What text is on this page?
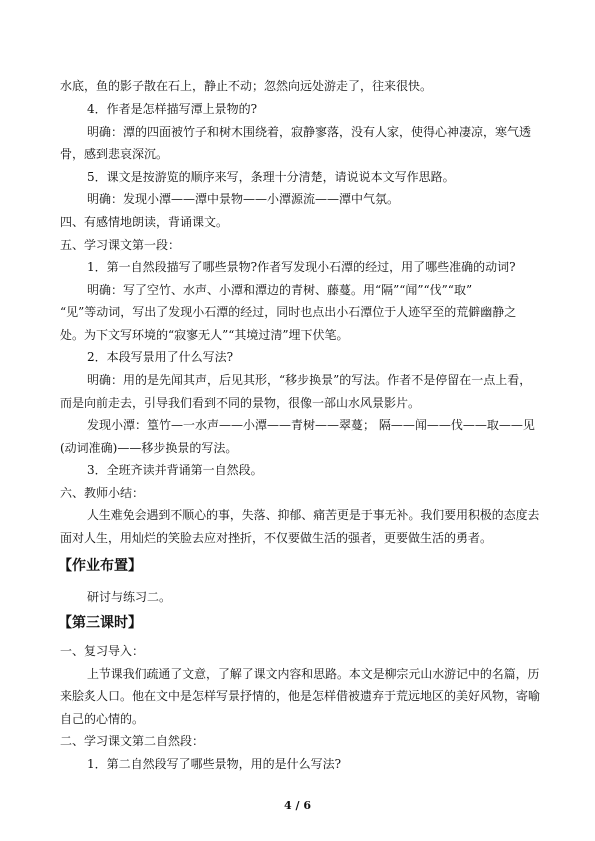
水底，鱼的影子散在石上，静止不动；忽然向远处游走了，往来很快。
4．作者是怎样描写潭上景物的?
明确：潭的四面被竹子和树木围绕着，寂静寥落，没有人家，使得心神凄凉，寒气透
骨，感到悲哀深沉。
5．课文是按游览的顺序来写，条理十分清楚，请说说本文写作思路。
明确：发现小潭——潭中景物——小潭源流——潭中气氛。
四、有感情地朗读，背诵课文。
五、学习课文第一段：
1．第一自然段描写了哪些景物?作者写发现小石潭的经过，用了哪些准确的动词?
明确：写了空竹、水声、小潭和潭边的青树、藤蔓。用“隔”“闻”“伐”“取”
“见”等动词，写出了发现小石潭的经过，同时也点出小石潭位于人迹罕至的荒僻幽静之
处。为下文写环境的“寂寥无人”“其境过清”埋下伏笔。
2．本段写景用了什么写法?
明确：用的是先闻其声，后见其形，“移步换景”的写法。作者不是停留在一点上看，
而是向前走去，引导我们看到不同的景物，很像一部山水风景影片。
发现小潭：篁竹—一水声——小潭——青树——翠蔓； 隔——闻——伐——取——见
(动词准确)——移步换景的写法。
3．全班齐读并背诵第一自然段。
六、教师小结：
人生难免会遇到不顺心的事，失落、抑郁、痛苦更是于事无补。我们要用积极的态度去
面对人生，用灿烂的笑脸去应对挫折，不仅要做生活的强者，更要做生活的勇者。
【作业布置】
研讨与练习二。
【第三课时】
一、复习导入：
上节课我们疏通了文意，了解了课文内容和思路。本文是柳宗元山水游记中的名篇，历
来脍炙人口。他在文中是怎样写景抒情的，他是怎样借被遗弃于荒远地区的美好风物，寄喻
自己的心情的。
二、学习课文第二自然段：
1．第二自然段写了哪些景物，用的是什么写法?
4 / 6
